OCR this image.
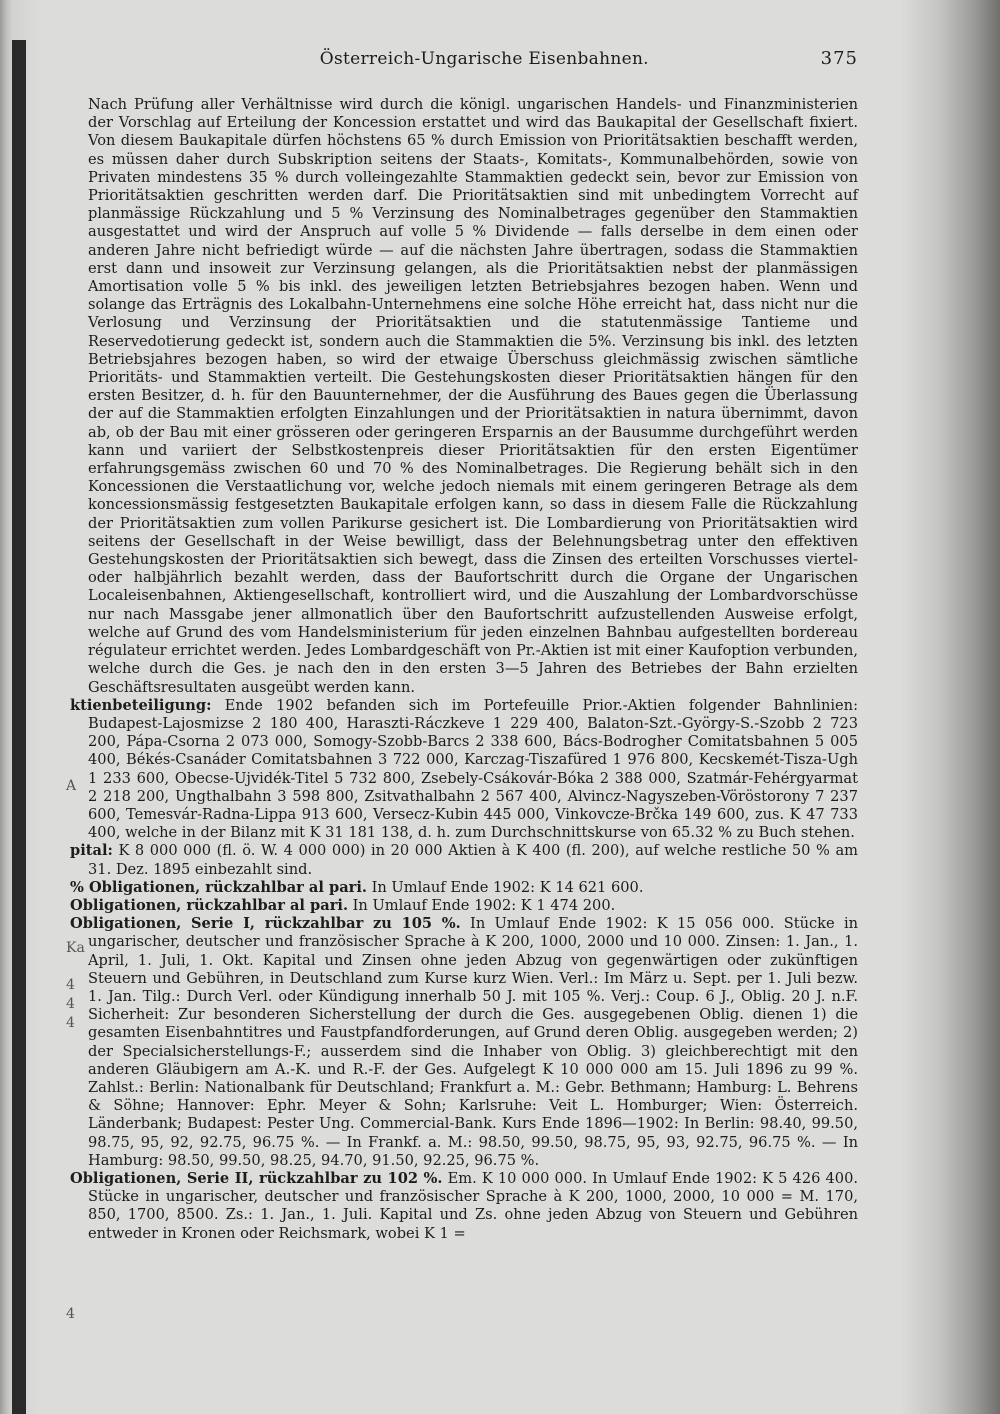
Österreich-Ungarische Eisenbahnen.	375

Nach Prüfung aller Verhältnisse wird durch die königl. ungarischen Handels- und Finanzministerien der Vorschlag auf Erteilung der Koncession erstattet und wird das Baukapital der Gesellschaft fixiert. Von diesem Baukapitale dürfen höchstens 65 % durch Emission von Prioritätsaktien beschafft werden, es müssen daher durch Subskription seitens der Staats-, Komitats-, Kommunalbehörden, sowie von Privaten mindestens 35 % durch volleingezahlte Stammaktien gedeckt sein, bevor zur Emission von Prioritätsaktien geschritten werden darf. Die Prioritätsaktien sind mit unbedingtem Vorrecht auf planmässige Rückzahlung und 5 % Verzinsung des Nominalbetrages gegenüber den Stammaktien ausgestattet und wird der Anspruch auf volle 5 % Dividende — falls derselbe in dem einen oder anderen Jahre nicht befriedigt würde — auf die nächsten Jahre übertragen, sodass die Stammaktien erst dann und insoweit zur Verzinsung gelangen, als die Prioritätsaktien nebst der planmässigen Amortisation volle 5 % bis inkl. des jeweiligen letzten Betriebsjahres bezogen haben. Wenn und solange das Erträgnis des Lokalbahn-Unternehmens eine solche Höhe erreicht hat, dass nicht nur die Verlosung und Verzinsung der Prioritätsaktien und die statutenmässige Tantieme und Reservedotierung gedeckt ist, sondern auch die Stammaktien die 5%. Verzinsung bis inkl. des letzten Betriebsjahres bezogen haben, so wird der etwaige Überschuss gleichmässig zwischen sämtliche Prioritäts- und Stammaktien verteilt. Die Gestehungskosten dieser Prioritätsaktien hängen für den ersten Besitzer, d. h. für den Bauunternehmer, der die Ausführung des Baues gegen die Überlassung der auf die Stammaktien erfolgten Einzahlungen und der Prioritätsaktien in natura übernimmt, davon ab, ob der Bau mit einer grösseren oder geringeren Ersparnis an der Bausumme durchgeführt werden kann und variiert der Selbstkostenpreis dieser Prioritätsaktien für den ersten Eigentümer erfahrungsgemäss zwischen 60 und 70 % des Nominalbetrages. Die Regierung behält sich in den Koncessionen die Verstaatlichung vor, welche jedoch niemals mit einem geringeren Betrage als dem koncessionsmässig festgesetzten Baukapitale erfolgen kann, so dass in diesem Falle die Rückzahlung der Prioritätsaktien zum vollen Parikurse gesichert ist. Die Lombardierung von Prioritätsaktien wird seitens der Gesellschaft in der Weise bewilligt, dass der Belehnungsbetrag unter den effektiven Gestehungskosten der Prioritätsaktien sich bewegt, dass die Zinsen des erteilten Vorschusses viertel- oder halbjährlich bezahlt werden, dass der Baufortschritt durch die Organe der Ungarischen Localeisenbahnen, Aktiengesellschaft, kontrolliert wird, und die Auszahlung der Lombardvorschüsse nur nach Massgabe jener allmonatlich über den Baufortschritt aufzustellenden Ausweise erfolgt, welche auf Grund des vom Handelsministerium für jeden einzelnen Bahnbau aufgestellten bordereau régulateur errichtet werden. Jedes Lombardgeschäft von Pr.-Aktien ist mit einer Kaufoption verbunden, welche durch die Ges. je nach den in den ersten 3—5 Jahren des Betriebes der Bahn erzielten Geschäftsresultaten ausgeübt werden kann.

ktienbeteiligung: Ende 1902 befanden sich im Portefeuille Prior.-Aktien folgender Bahnlinien: Budapest-Lajosmizse 2 180 400, Haraszti-Ráczkeve 1 229 400, Balaton-Szt.-György-S.-Szobb 2 723 200, Pápa-Csorna 2 073 000, Somogy-Szobb-Barcs 2 338 600, Bács-Bodrogher Comitatsbahnen 5 005 400, Békés-Csanáder Comitatsbahnen 3 722 000, Karczag-Tiszafüred 1 976 800, Kecskemét-Tisza-Ugh 1 233 600, Obecse-Ujvidék-Titel 5 732 800, Zsebely-Csákovár-Bóka 2 388 000, Szatmár-Fehérgyarmat 2 218 200, Ungthalbahn 3 598 800, Zsitvathalbahn 2 567 400, Alvincz-Nagyszeben-Vöröstorony 7 237 600, Temesvár-Radna-Lippa 913 600, Versecz-Kubin 445 000, Vinkovcze-Brčka 149 600, zus. K 47 733 400, welche in der Bilanz mit K 31 181 138, d. h. zum Durchschnittskurse von 65.32 % zu Buch stehen.
pital: K 8 000 000 (fl. ö. W. 4 000 000) in 20 000 Aktien à K 400 (fl. 200), auf welche restliche 50 % am 31. Dez. 1895 einbezahlt sind.
% Obligationen, rückzahlbar al pari. In Umlauf Ende 1902: K 14 621 600.
Obligationen, rückzahlbar al pari. In Umlauf Ende 1902: K 1 474 200.
Obligationen, Serie I, rückzahlbar zu 105 %. In Umlauf Ende 1902: K 15 056 000. Stücke in ungarischer, deutscher und französischer Sprache à K 200, 1000, 2000 und 10 000. Zinsen: 1. Jan., 1. April, 1. Juli, 1. Okt. Kapital und Zinsen ohne jeden Abzug von gegenwärtigen oder zukünftigen Steuern und Gebühren, in Deutschland zum Kurse kurz Wien. Verl.: Im März u. Sept. per 1. Juli bezw. 1. Jan. Tilg.: Durch Verl. oder Kündigung innerhalb 50 J. mit 105 %. Verj.: Coup. 6 J., Oblig. 20 J. n.F. Sicherheit: Zur besonderen Sicherstellung der durch die Ges. ausgegebenen Oblig. dienen 1) die gesamten Eisenbahntitres und Faustpfandforderungen, auf Grund deren Oblig. ausgegeben werden; 2) der Specialsicherstellungs-F.; ausserdem sind die Inhaber von Oblig. 3) gleichberechtigt mit den anderen Gläubigern am A.-K. und R.-F. der Ges. Aufgelegt K 10 000 000 am 15. Juli 1896 zu 99 %. Zahlst.: Berlin: Nationalbank für Deutschland; Frankfurt a. M.: Gebr. Bethmann; Hamburg: L. Behrens & Söhne; Hannover: Ephr. Meyer & Sohn; Karlsruhe: Veit L. Homburger; Wien: Österreich. Länderbank; Budapest: Pester Ung. Commercial-Bank. Kurs Ende 1896—1902: In Berlin: 98.40, 99.50, 98.75, 95, 92, 92.75, 96.75 %. — In Frankf. a. M.: 98.50, 99.50, 98.75, 95, 93, 92.75, 96.75 %. — In Hamburg: 98.50, 99.50, 98.25, 94.70, 91.50, 92.25, 96.75 %.
Obligationen, Serie II, rückzahlbar zu 102 %. Em. K 10 000 000. In Umlauf Ende 1902: K 5 426 400. Stücke in ungarischer, deutscher und französischer Sprache à K 200, 1000, 2000, 10 000 = M. 170, 850, 1700, 8500. Zs.: 1. Jan., 1. Juli. Kapital und Zs. ohne jeden Abzug von Steuern und Gebühren entweder in Kronen oder Reichsmark, wobei K 1 =
A
Ka
4
4
4
4
